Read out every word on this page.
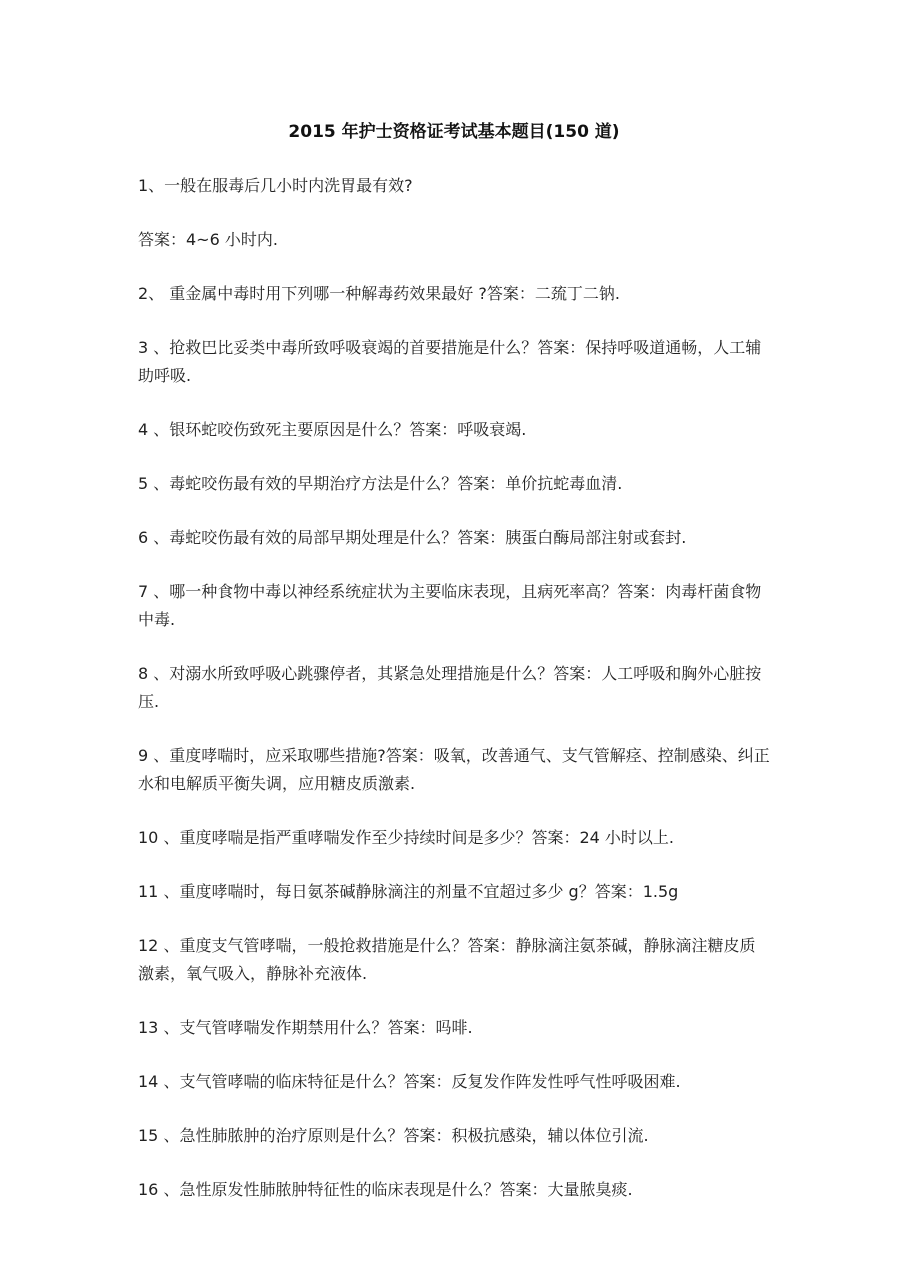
2015 年护士资格证考试基本题目(150 道)

1、一般在服毒后几小时内洗胃最有效?

答案：4~6 小时内.

2、 重金属中毒时用下列哪一种解毒药效果最好 ?答案：二巯丁二钠.

3 、抢救巴比妥类中毒所致呼吸衰竭的首要措施是什么？答案：保持呼吸道通畅，人工辅助呼吸.

4 、银环蛇咬伤致死主要原因是什么？答案：呼吸衰竭.

5 、毒蛇咬伤最有效的早期治疗方法是什么？答案：单价抗蛇毒血清.

6 、毒蛇咬伤最有效的局部早期处理是什么？答案：胰蛋白酶局部注射或套封.

7 、哪一种食物中毒以神经系统症状为主要临床表现，且病死率高？答案：肉毒杆菌食物中毒.

8 、对溺水所致呼吸心跳骤停者，其紧急处理措施是什么？答案：人工呼吸和胸外心脏按压.

9 、重度哮喘时，应采取哪些措施?答案：吸氧，改善通气、支气管解痉、控制感染、纠正水和电解质平衡失调，应用糖皮质激素.

10 、重度哮喘是指严重哮喘发作至少持续时间是多少？答案：24 小时以上.

11 、重度哮喘时，每日氨茶碱静脉滴注的剂量不宜超过多少 g？答案：1.5g

12 、重度支气管哮喘，一般抢救措施是什么？答案：静脉滴注氨茶碱，静脉滴注糖皮质激素，氧气吸入，静脉补充液体.

13 、支气管哮喘发作期禁用什么？答案：吗啡.

14 、支气管哮喘的临床特征是什么？答案：反复发作阵发性呼气性呼吸困难.

15 、急性肺脓肿的治疗原则是什么？答案：积极抗感染，辅以体位引流.

16 、急性原发性肺脓肿特征性的临床表现是什么？答案：大量脓臭痰.
